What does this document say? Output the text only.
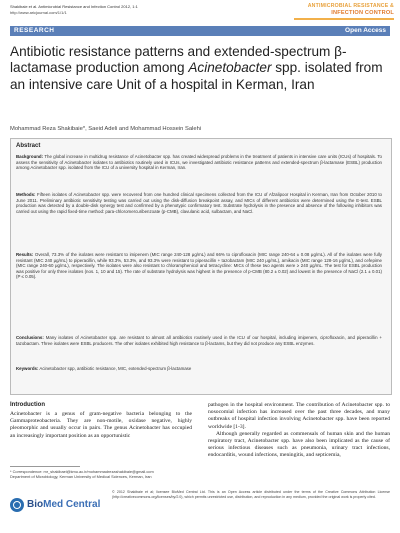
Shakibaie et al. Antimicrobial Resistance and Infection Control 2012, 1:1
http://www.aricjournal.com/1/1/1
ANTIMICROBIAL RESISTANCE &
INFECTION CONTROL
RESEARCH	Open Access
Antibiotic resistance patterns and extended-spectrum β-lactamase production among Acinetobacter spp. isolated from an intensive care Unit of a hospital in Kerman, Iran
Mohammad Reza Shakibaie*, Saeid Adeli and Mohammad Hossein Salehi
Abstract
Background: The global increase in multidrug resistance of Acinetobacter spp. has created widespread problems in the treatment of patients in intensive care units (ICUs) of hospitals. To assess the sensitivity of Acinetobacter isolates to antibiotics routinely used in ICUs, we investigated antibiotic resistance patterns and extended-spectrum β-lactamase (ESBL) production among Acinetobacter spp. isolated from the ICU of a university hospital in Kerman, Iran.
Methods: Fifteen isolates of Acinetobacter spp. were recovered from one hundred clinical specimens collected from the ICU of Afzalipoor Hospital in Kerman, Iran from October 2010 to June 2011. Preliminary antibiotic sensitivity testing was carried out using the disk-diffusion breakpoint assay, and MICs of different antibiotics were determined using the E-test. ESBL production was detected by a double-disk synergy test and confirmed by a phenotypic confirmatory test. Substrate hydrolysis in the presence and absence of the following inhibitors was carried out using the rapid fixed-time method: para-chloromercuribenzoate (p-CMB), clavulanic acid, sulbactam, and NaCl.
Results: Overall, 73.3% of the isolates were resistant to imipenem (MIC range 240-128 μg/mL) and 66% to ciprofloxacin (MIC range 240-64 ± 0.08 μg/mL). All of the isolates were fully resistant (MIC 240 μg/mL) to piperacillin, while 93.3%, 53.3%, and 93.3% were resistant to piperacillin + tazobactam (MIC 240 μg/mL), amikacin (MIC range 128-16 μg/mL), and cefepime (MIC range 240-60 μg/mL), respectively. The isolates were also resistant to chloramphenicol and tetracycline: MICs of these two agents were ≥ 240 μg/mL. The test for ESBL production was positive for only three isolates (nos. 1, 10 and 15). The rate of substrate hydrolysis was highest in the presence of p-CMB (80.2 ± 0.02) and lowest in the presence of NaCl (2.1 ± 0.01) (P ≤ 0.05).
Conclusions: Many isolates of Acinetobacter spp. are resistant to almost all antibiotics routinely used in the ICU of our hospital, including imipenem, ciprofloxacin, and piperacillin + tazobactam. Three isolates were ESBL producers. The other isolates exhibited high resistance to β-lactams, but they did not produce any ESBL enzymes.
Keywords: Acinetobacter spp, antibiotic resistance, MIC, extended-spectrum β-lactamase
Introduction
Acinetobacter is a genus of gram-negative bacteria belonging to the Gammaproteobacteria. They are non-motile, oxidase negative, highly pleomorphic and usually occur in pairs. The genus Acinetobacter has occupied an increasingly important position as an opportunistic
pathogen in the hospital environment. The contribution of Acinetobacter spp. to nosocomial infection has increased over the past three decades, and many outbreaks of hospital infection involving Acinetobacter spp. have been reported worldwide [1-3].
Although generally regarded as commensals of human skin and the human respiratory tract, Acinetobacter spp. have also been implicated as the cause of serious infectious diseases such as pneumonia, urinary tract infections, endocarditis, wound infections, meningitis, and septicemia,
* Correspondence: mr_shakibaei@kmu.ac.ir/mohammadrezashakibaie@gmail.com
Department of Microbiology, Kerman University of Medical Sciences, Kerman, Iran
BioMed Central
© 2012 Shakibaie et al; licensee BioMed Central Ltd. This is an Open Access article distributed under the terms of the Creative Commons Attribution License (http://creativecommons.org/licenses/by/2.0), which permits unrestricted use, distribution, and reproduction in any medium, provided the original work is properly cited.
